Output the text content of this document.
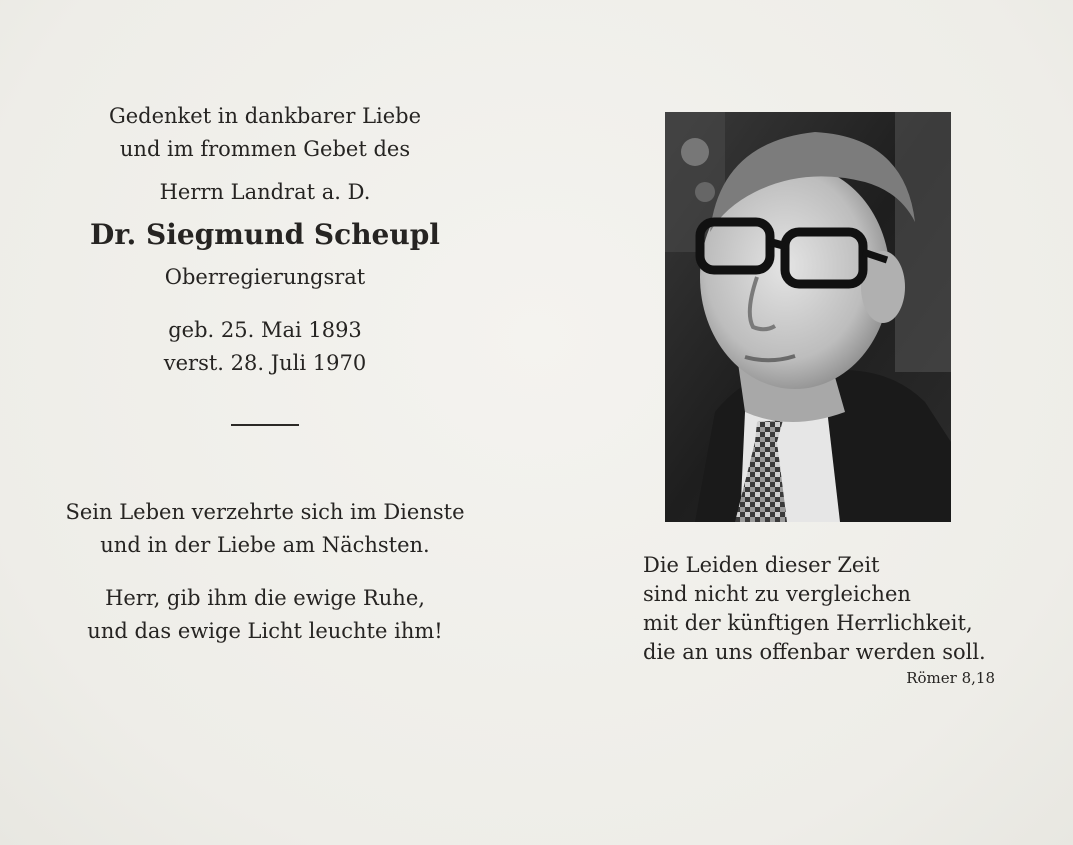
Gedenket in dankbarer Liebe
und im frommen Gebet des
Herrn Landrat a. D.
Dr. Siegmund Scheupl
Oberregierungsrat
geb. 25. Mai 1893
verst. 28. Juli 1970
Sein Leben verzehrte sich im Dienste
und in der Liebe am Nächsten.
Herr, gib ihm die ewige Ruhe,
und das ewige Licht leuchte ihm!
Die Leiden dieser Zeit
sind nicht zu vergleichen
mit der künftigen Herrlichkeit,
die an uns offenbar werden soll.
Römer 8,18
